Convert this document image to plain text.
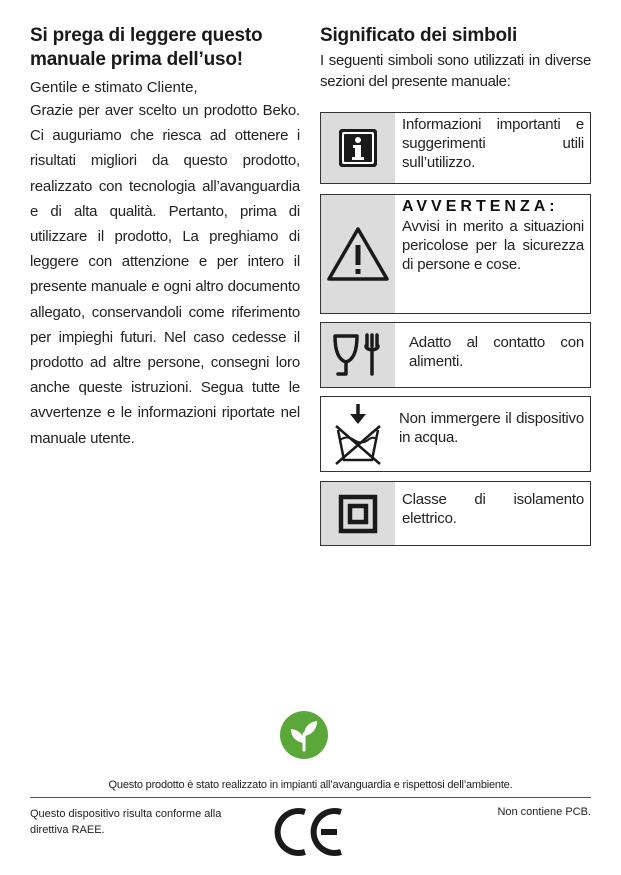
Si prega di leggere questo
manuale prima dell’uso!

Gentile e stimato Cliente,

Grazie per aver scelto un prodotto Beko. Ci auguriamo che riesca ad ottenere i risultati migliori da questo prodotto, realizzato con tecnologia all’avanguardia e di alta qualità. Pertanto, prima di utilizzare il prodotto, La preghiamo di leggere con attenzione e per intero il presente manuale e ogni altro documento allegato, conservandoli come riferimento per impieghi futuri. Nel caso cedesse il prodotto ad altre persone, consegni loro anche queste istruzioni. Segua tutte le avvertenze e le informazioni riportate nel manuale utente.

Significato dei simboli

I seguenti simboli sono utilizzati in diverse sezioni del presente manuale:

Informazioni importanti e suggerimenti utili sull’utilizzo.
AVVERTENZA:
Avvisi in merito a situazioni pericolose per la sicurezza di persone e cose.
Adatto al contatto con alimenti.
Non immergere il dispositivo in acqua.
Classe di isolamento elettrico.
Questo prodotto è stato realizzato in impianti all’avanguardia e rispettosi dell’ambiente.
Questo dispositivo risulta conforme alla direttiva RAEE.
Non contiene PCB.
